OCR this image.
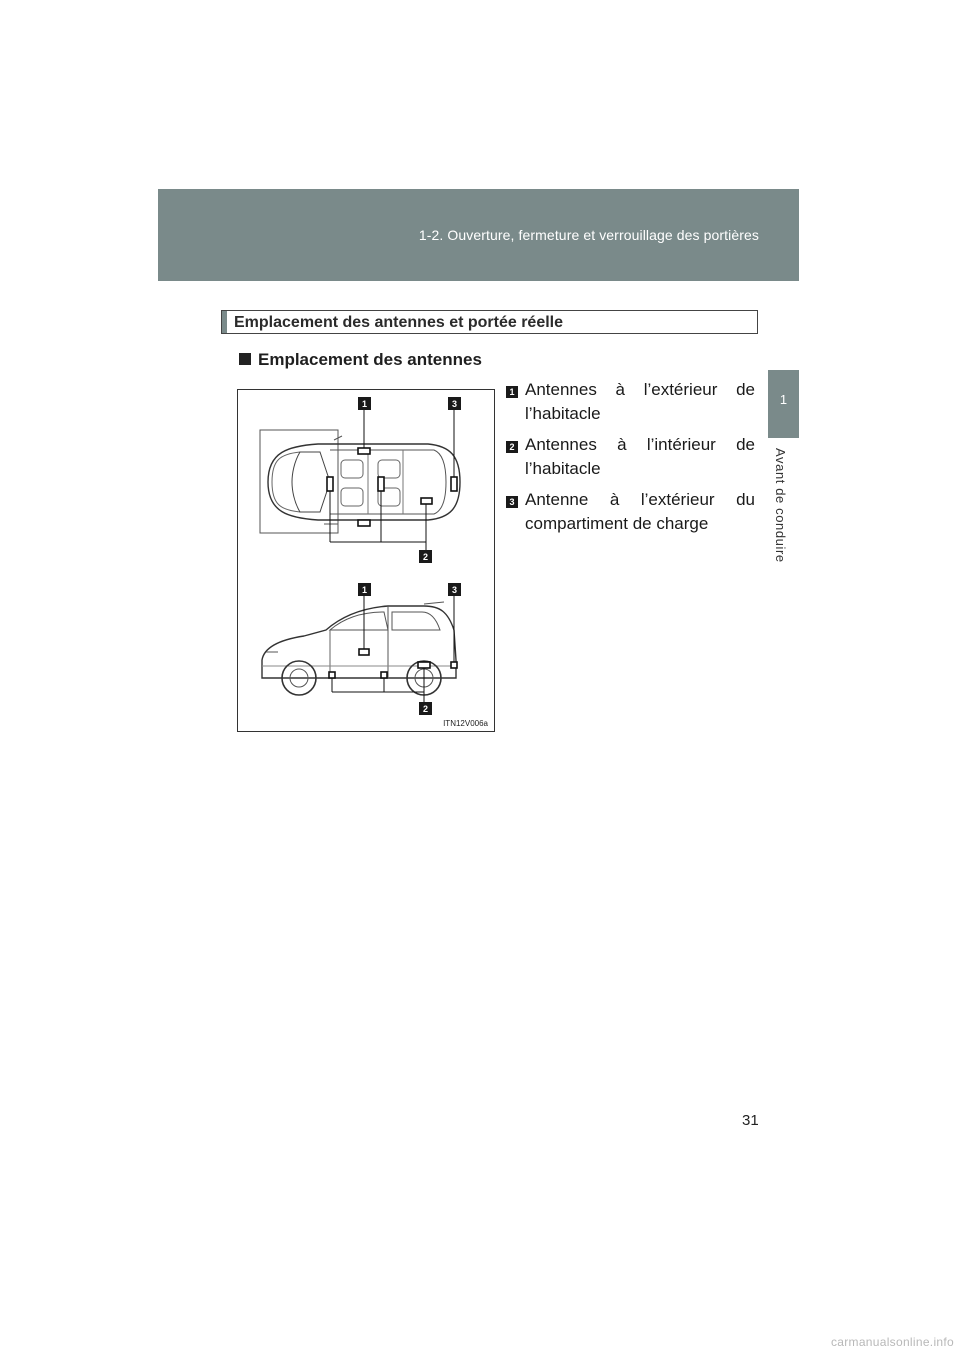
1-2. Ouverture, fermeture et verrouillage des portières
1
Avant de conduire
Emplacement des antennes et portée réelle
Emplacement des antennes
1	3
2
1	3
2
ITN12V006a
1 Antennes à l’extérieur de l’habitacle
2 Antennes à l’intérieur de l’habitacle
3 Antenne à l’extérieur du compartiment de charge
31
carmanualsonline.info
